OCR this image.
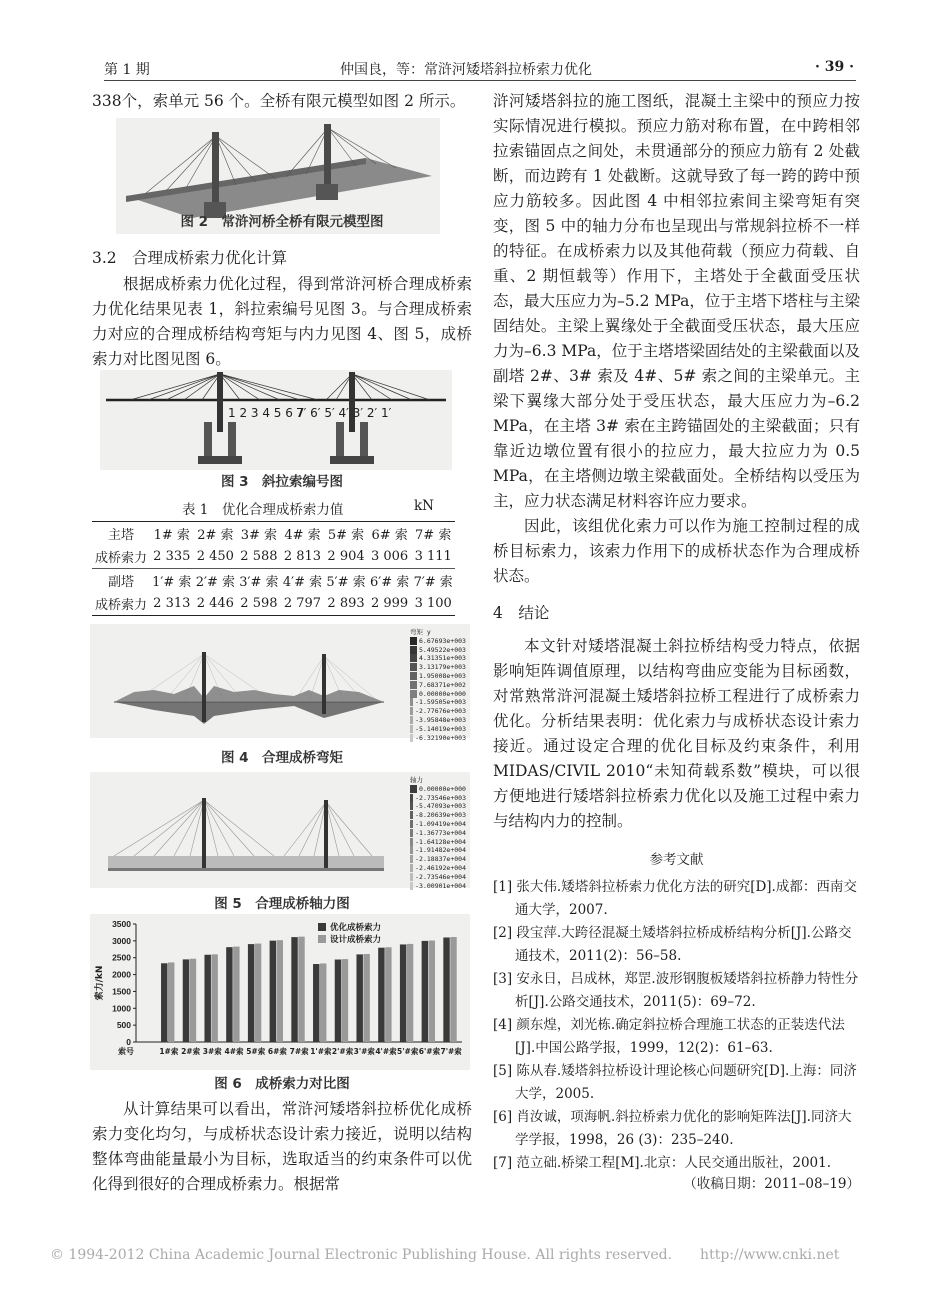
第 1 期	仲国良，等：常浒河矮塔斜拉桥索力优化	· 39 ·

338个，索单元 56 个。全桥有限元模型如图 2 所示。

图 2　常浒河桥全桥有限元模型图
3.2　合理成桥索力优化计算

根据成桥索力优化过程，得到常浒河桥合理成桥索力优化结果见表 1，斜拉索编号见图 3。与合理成桥索力对应的合理成桥结构弯矩与内力见图 4、图 5，成桥索力对比图见图 6。

1 2 3 4 5 6 7
7′ 6′ 5′ 4′ 3′ 2′ 1′
图 3　斜拉索编号图
表 1　优化合理成桥索力值	kN
主塔	1# 索	2# 索	3# 索	4# 索	5# 索	6# 索	7# 索
成桥索力	2 335	2 450	2 588	2 813	2 904	3 006	3 111
副塔	1′# 索	2′# 索	3′# 索	4′# 索	5′# 索	6′# 索	7′# 索
成桥索力	2 313	2 446	2 598	2 797	2 893	2 999	3 100
弯矩 y
6.67693e+003
5.49522e+003
4.31351e+003
3.13179e+003
1.95008e+003
7.68371e+002
0.00000e+000
-1.59505e+003
-2.77676e+003
-3.95848e+003
-5.14019e+003
-6.32190e+003
图 4　合理成桥弯矩
轴力
0.00000e+000
-2.73546e+003
-5.47093e+003
-8.20639e+003
-1.09419e+004
-1.36773e+004
-1.64128e+004
-1.91482e+004
-2.18837e+004
-2.46192e+004
-2.73546e+004
-3.00901e+004
图 5　合理成桥轴力图
0
500
1000
1500
2000
2500
3000
3500
索力/kN
1#索 2#索 3#索 4#索 5#索 6#索 7#索 1'#索 2'#索 3'#索 4'#索 5'#索 6'#索 7'#索
索号
优化成桥索力
设计成桥索力
图 6　成桥索力对比图

从计算结果可以看出，常浒河矮塔斜拉桥优化成桥索力变化均匀，与成桥状态设计索力接近，说明以结构整体弯曲能量最小为目标，选取适当的约束条件可以优化得到很好的合理成桥索力。根据常

浒河矮塔斜拉的施工图纸，混凝土主梁中的预应力按实际情况进行模拟。预应力筋对称布置，在中跨相邻拉索锚固点之间处，未贯通部分的预应力筋有 2 处截断，而边跨有 1 处截断。这就导致了每一跨的跨中预应力筋较多。因此图 4 中相邻拉索间主梁弯矩有突变，图 5 中的轴力分布也呈现出与常规斜拉桥不一样的特征。在成桥索力以及其他荷载（预应力荷载、自重、2 期恒载等）作用下，主塔处于全截面受压状态，最大压应力为–5.2 MPa，位于主塔下塔柱与主梁固结处。主梁上翼缘处于全截面受压状态，最大压应力为–6.3 MPa，位于主塔塔梁固结处的主梁截面以及副塔 2#、3# 索及 4#、5# 索之间的主梁单元。主梁下翼缘大部分处于受压状态，最大压应力为–6.2 MPa，在主塔 3# 索在主跨锚固处的主梁截面；只有靠近边墩位置有很小的拉应力，最大拉应力为 0.5 MPa，在主塔侧边墩主梁截面处。全桥结构以受压为主，应力状态满足材料容许应力要求。

因此，该组优化索力可以作为施工控制过程的成桥目标索力，该索力作用下的成桥状态作为合理成桥状态。

4　结论

本文针对矮塔混凝土斜拉桥结构受力特点，依据影响矩阵调值原理，以结构弯曲应变能为目标函数，对常熟常浒河混凝土矮塔斜拉桥工程进行了成桥索力优化。分析结果表明：优化索力与成桥状态设计索力接近。通过设定合理的优化目标及约束条件，利用 MIDAS/CIVIL 2010“未知荷载系数”模块，可以很方便地进行矮塔斜拉桥索力优化以及施工过程中索力与结构内力的控制。

参考文献

[1] 张大伟.矮塔斜拉桥索力优化方法的研究[D].成都：西南交通大学，2007.

[2] 段宝萍.大跨径混凝土矮塔斜拉桥成桥结构分析[J].公路交通技术，2011(2)：56–58.

[3] 安永日，吕成林，郑罡.波形钢腹板矮塔斜拉桥静力特性分析[J].公路交通技术，2011(5)：69–72.

[4] 颜东煌，刘光栋.确定斜拉桥合理施工状态的正装迭代法[J].中国公路学报，1999，12(2)：61–63.

[5] 陈从春.矮塔斜拉桥设计理论核心问题研究[D].上海：同济大学，2005.

[6] 肖汝诚，项海帆.斜拉桥索力优化的影响矩阵法[J].同济大学学报，1998，26 (3)：235–240.

[7] 范立础.桥梁工程[M].北京：人民交通出版社，2001.

（收稿日期：2011–08–19）
© 1994-2012 China Academic Journal Electronic Publishing House. All rights reserved.　　http://www.cnki.net
